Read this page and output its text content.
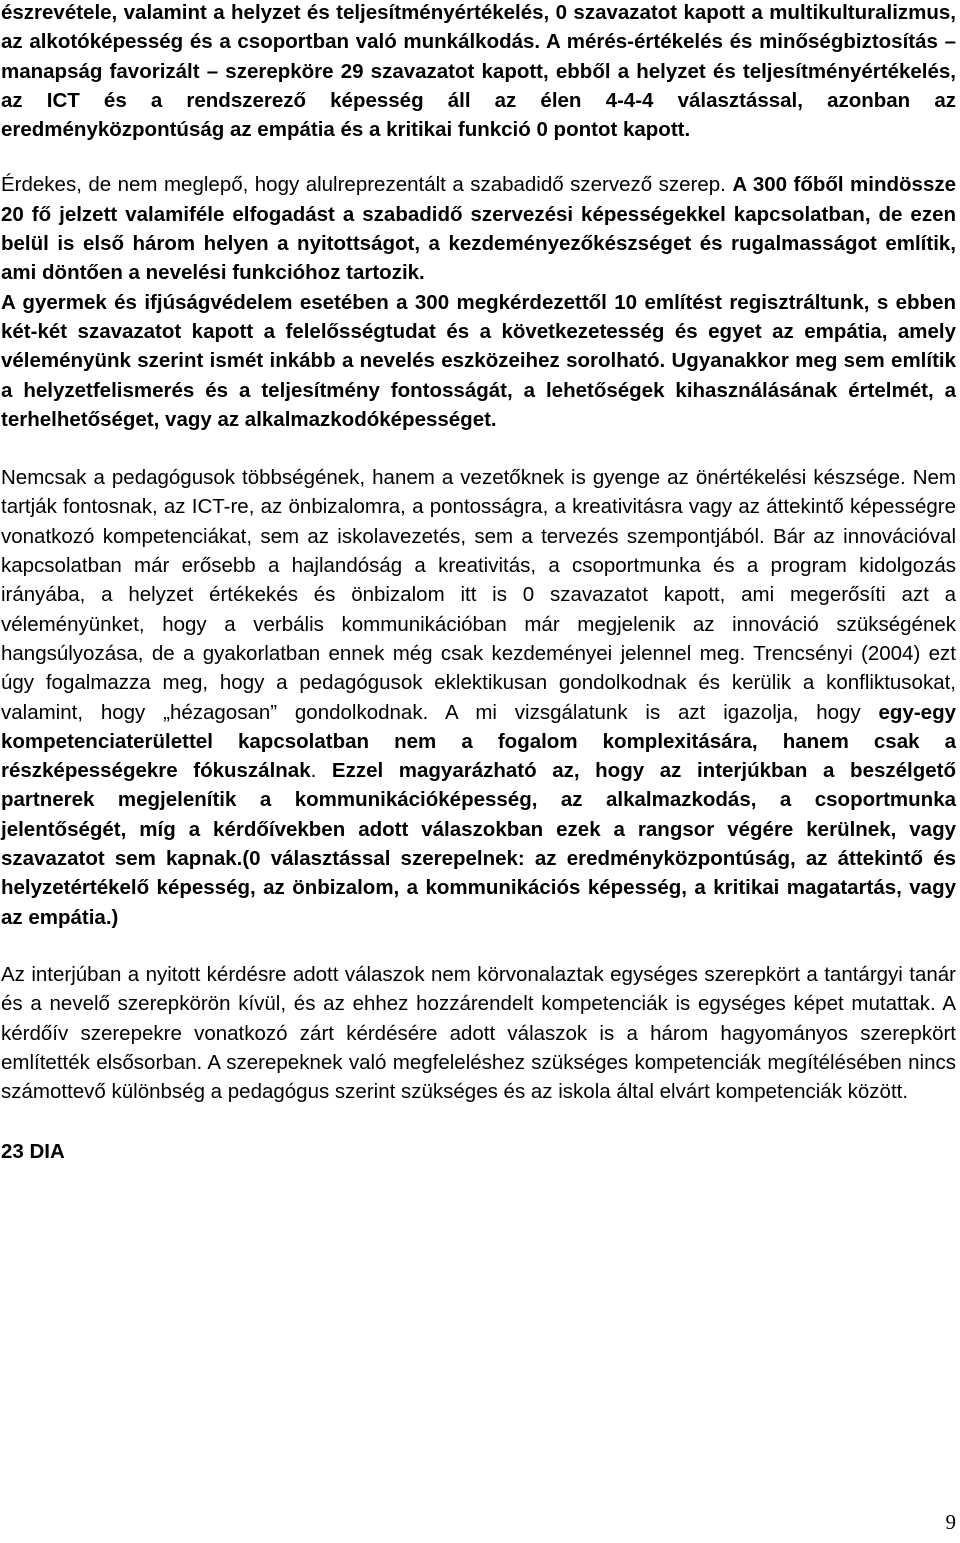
észrevétele, valamint a helyzet és teljesítményértékelés, 0 szavazatot kapott a multikulturalizmus, az alkotóképesség és a csoportban való munkálkodás. A mérés-értékelés és minőségbiztosítás – manapság favorizált – szerepköre 29 szavazatot kapott, ebből a helyzet és teljesítményértékelés, az ICT és a rendszerező képesség áll az élen 4-4-4 választással, azonban az eredményközpontúság az empátia és a kritikai funkció 0 pontot kapott.

Érdekes, de nem meglepő, hogy alulreprezentált a szabadidő szervező szerep. A 300 főből mindössze 20 fő jelzett valamiféle elfogadást a szabadidő szervezési képességekkel kapcsolatban, de ezen belül is első három helyen a nyitottságot, a kezdeményezőkészséget és rugalmasságot említik, ami döntően a nevelési funkcióhoz tartozik.

A gyermek és ifjúságvédelem esetében a 300 megkérdezettől 10 említést regisztráltunk, s ebben két-két szavazatot kapott a felelősségtudat és a következetesség és egyet az empátia, amely véleményünk szerint ismét inkább a nevelés eszközeihez sorolható. Ugyanakkor meg sem említik a helyzetfelismerés és a teljesítmény fontosságát, a lehetőségek kihasználásának értelmét, a terhelhetőséget, vagy az alkalmazkodóképességet.

Nemcsak a pedagógusok többségének, hanem a vezetőknek is gyenge az önértékelési készsége. Nem tartják fontosnak, az ICT-re, az önbizalomra, a pontosságra, a kreativitásra vagy az áttekintő képességre vonatkozó kompetenciákat, sem az iskolavezetés, sem a tervezés szempontjából. Bár az innovációval kapcsolatban már erősebb a hajlandóság a kreativitás, a csoportmunka és a program kidolgozás irányába, a helyzet értékekés és önbizalom itt is 0 szavazatot kapott, ami megerősíti azt a véleményünket, hogy a verbális kommunikációban már megjelenik az innováció szükségének hangsúlyozása, de a gyakorlatban ennek még csak kezdeményei jelennel meg. Trencsényi (2004) ezt úgy fogalmazza meg, hogy a pedagógusok eklektikusan gondolkodnak és kerülik a konfliktusokat, valamint, hogy „hézagosan” gondolkodnak. A mi vizsgálatunk is azt igazolja, hogy egy-egy kompetenciaterülettel kapcsolatban nem a fogalom komplexitására, hanem csak a részképességekre fókuszálnak. Ezzel magyarázható az, hogy az interjúkban a beszélgető partnerek megjelenítik a kommunikációképesség, az alkalmazkodás, a csoportmunka jelentőségét, míg a kérdőívekben adott válaszokban ezek a rangsor végére kerülnek, vagy szavazatot sem kapnak.(0 választással szerepelnek: az eredményközpontúság, az áttekintő és helyzetértékelő képesség, az önbizalom, a kommunikációs képesség, a kritikai magatartás, vagy az empátia.)

Az interjúban a nyitott kérdésre adott válaszok nem körvonalaztak egységes szerepkört a tantárgyi tanár és a nevelő szerepkörön kívül, és az ehhez hozzárendelt kompetenciák is egységes képet mutattak. A kérdőív szerepekre vonatkozó zárt kérdésére adott válaszok is a három hagyományos szerepkört említették elsősorban. A szerepeknek való megfeleléshez szükséges kompetenciák megítélésében nincs számottevő különbség a pedagógus szerint szükséges és az iskola által elvárt kompetenciák között.

23 DIA

9
